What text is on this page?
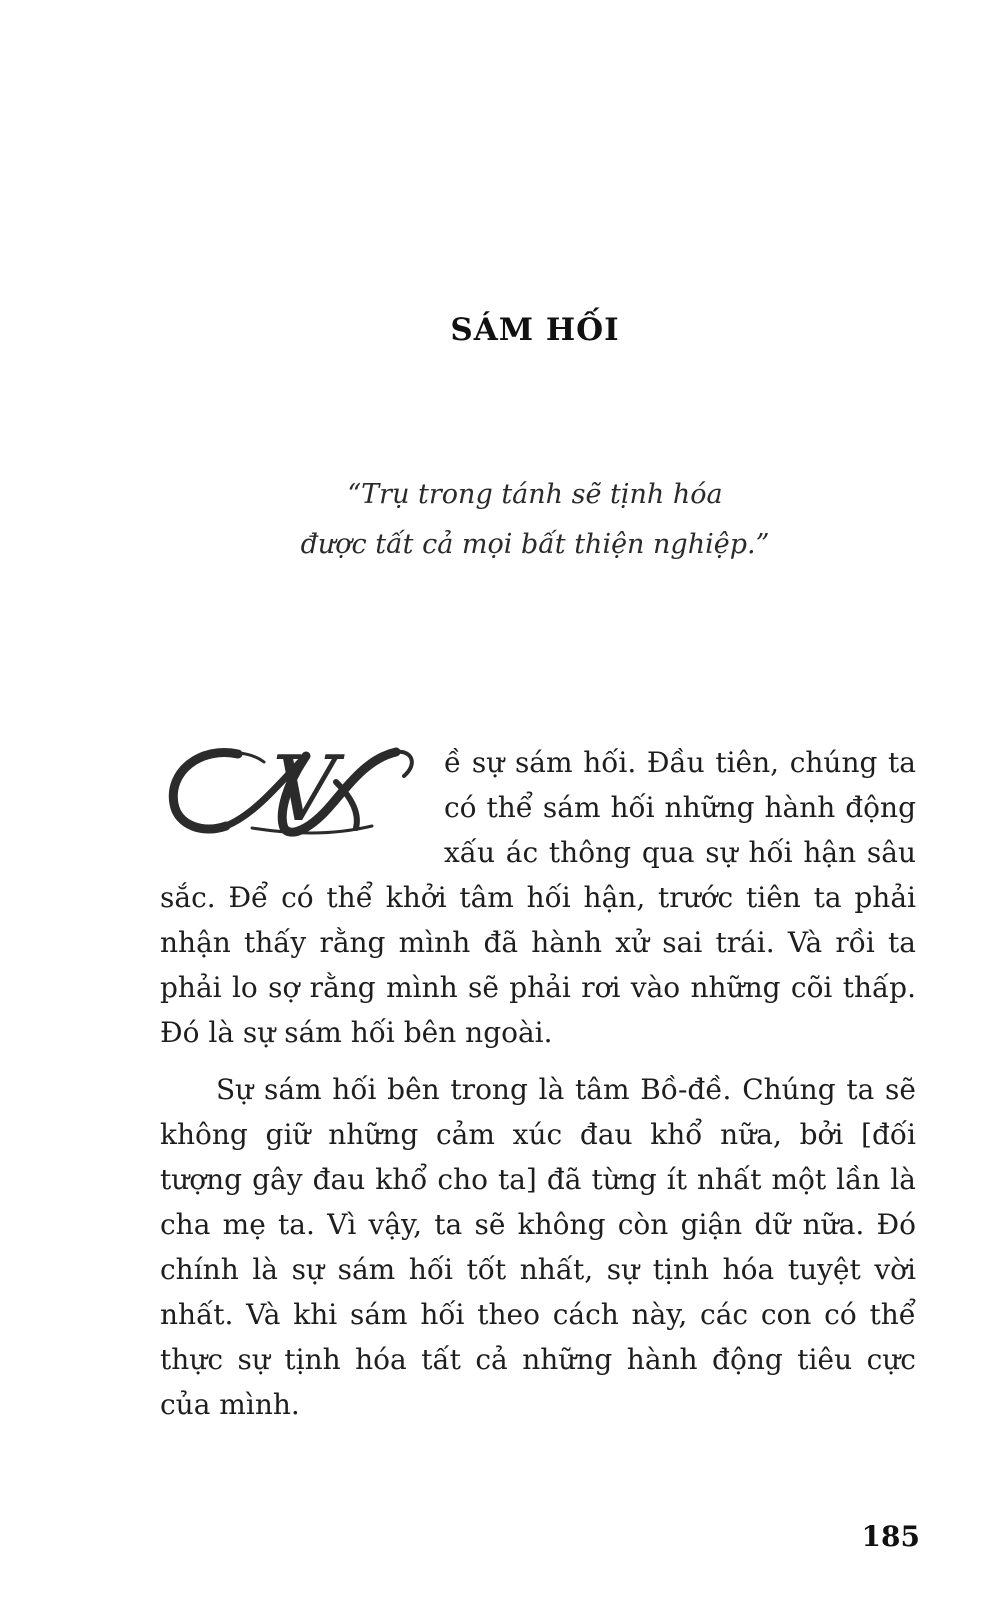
SÁM HỐI
“Trụ trong tánh sẽ tịnh hóa
được tất cả mọi bất thiện nghiệp.”

V	ề sự sám hối. Đầu tiên, chúng ta có thể sám hối những hành động xấu ác thông qua sự hối hận sâu sắc. Để có thể khởi tâm hối hận, trước tiên ta phải nhận thấy rằng mình đã hành xử sai trái. Và rồi ta phải lo sợ rằng mình sẽ phải rơi vào những cõi thấp. Đó là sự sám hối bên ngoài.

Sự sám hối bên trong là tâm Bồ-đề. Chúng ta sẽ không giữ những cảm xúc đau khổ nữa, bởi [đối tượng gây đau khổ cho ta] đã từng ít nhất một lần là cha mẹ ta. Vì vậy, ta sẽ không còn giận dữ nữa. Đó chính là sự sám hối tốt nhất, sự tịnh hóa tuyệt vời nhất. Và khi sám hối theo cách này, các con có thể thực sự tịnh hóa tất cả những hành động tiêu cực của mình.

185
